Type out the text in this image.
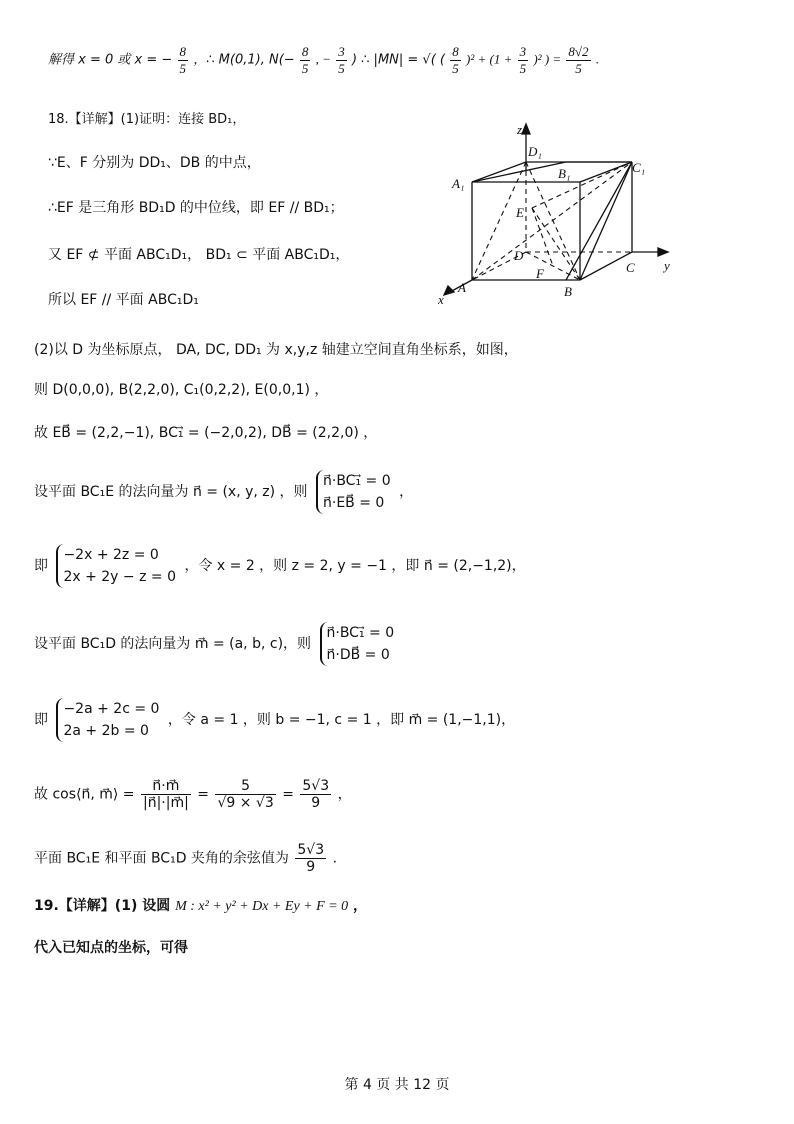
解得 x = 0 或 x = − $\frac{8}{5}$ ，∴ M(0,1), $N(- \frac{8}{5}$ , − $\frac{3}{5}$ ) ∴ |MN| = √( ( $\frac{8}{5} )^2 + (1 + \frac{3}{5} )^2$ ) = $\frac{8√2}{5}$ .
18.【详解】(1)证明：连接 BD₁，
∵E、F 分别为 DD₁、DB 的中点，
∴EF 是三角形 BD₁D 的中位线，即 EF // BD₁；
又 EF ⊄ 平面 ABC₁D₁， BD₁ ⊂ 平面 ABC₁D₁，
所以 EF // 平面 ABC₁D₁
z
y
x
D₁
A₁
B₁	C₁
E
D
F
A	B
C
(2)以 D 为坐标原点， DA, DC, DD₁ 为 x,y,z 轴建立空间直角坐标系，如图，
则 D(0,0,0), B(2,2,0), C₁(0,2,2), E(0,0,1) ，
故 EB⃗ = (2,2,−1), BC₁⃗ = (−2,0,2), DB⃗ = (2,2,0) ，
设平面 BC₁E 的法向量为 n⃗ = (x, y, z) ，则
n⃗·BC₁⃗ = 0
n⃗·EB⃗ = 0
，
即
−2x + 2z = 0
2x + 2y − z = 0
，令 x = 2 ，则 z = 2, y = −1 ，即 n⃗ = (2,−1,2)，
设平面 BC₁D 的法向量为 m⃗ = (a, b, c)，则
n⃗·BC₁⃗ = 0
n⃗·DB⃗ = 0
即
−2a + 2c = 0
2a + 2b = 0
，令 a = 1 ，则 b = −1, c = 1 ，即 m⃗ = (1,−1,1)，
故 cos⟨n⃗, m⃗⟩ = $\frac{n⃗\cdot m⃗}{|n⃗|\cdot|m⃗|} = \frac{5}{√9 \times √3} = \frac{5√3}{9}$ ，
平面 BC₁E 和平面 BC₁D 夹角的余弦值为 $\frac{5√3}{9}$ .
19.【详解】(1) 设圆 M : x² + y² + Dx + Ey + F = 0 ，
代入已知点的坐标，可得
第 4 页 共 12 页
